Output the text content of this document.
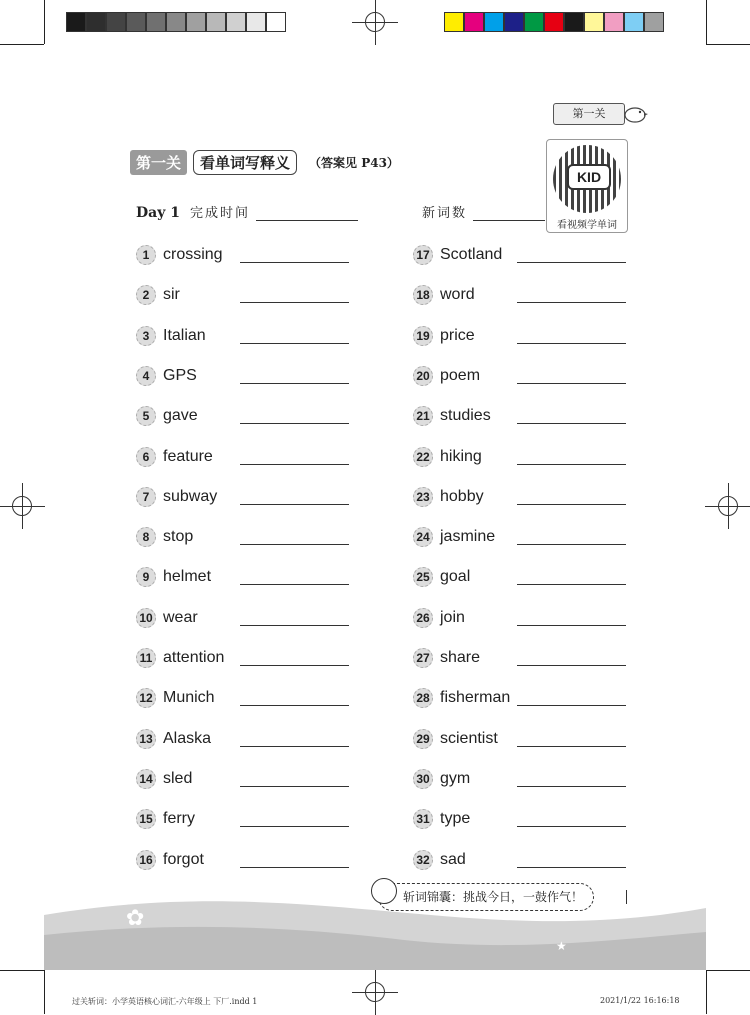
第一关
第一关	看单词写释义	（答案见 P43）
KID
看视频学单词
Day 1 完成时间	新词数
1 crossing
2 sir
3 Italian
4 GPS
5 gave
6 feature
7 subway
8 stop
9 helmet
10 wear
11 attention
12 Munich
13 Alaska
14 sled
15 ferry
16 forgot
17 Scotland
18 word
19 price
20 poem
21 studies
22 hiking
23 hobby
24 jasmine
25 goal
26 join
27 share
28 fisherman
29 scientist
30 gym
31 type
32 sad
✿	✿
★
斩词锦囊：挑战今日，一鼓作气！
过关斩词：小学英语核心词汇-六年级上 下厂.indd 1	2021/1/22 16:16:18
